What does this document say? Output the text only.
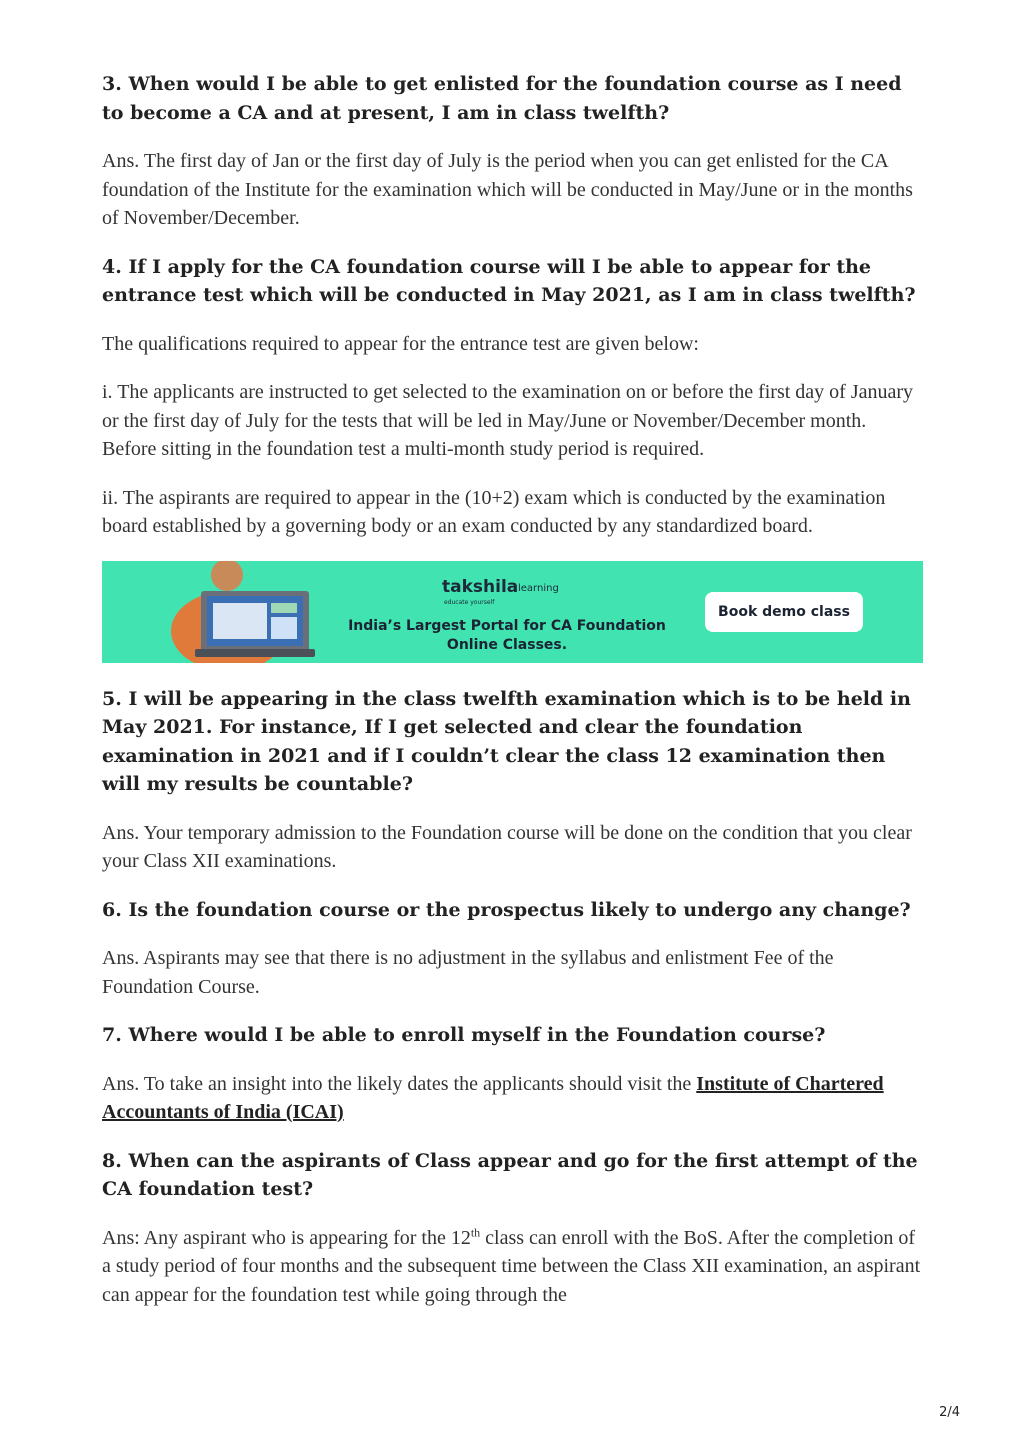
3. When would I be able to get enlisted for the foundation course as I need to become a CA and at present, I am in class twelfth?

Ans. The first day of Jan or the first day of July is the period when you can get enlisted for the CA foundation of the Institute for the examination which will be conducted in May/June or in the months of November/December.

4. If I apply for the CA foundation course will I be able to appear for the entrance test which will be conducted in May 2021, as I am in class twelfth?

The qualifications required to appear for the entrance test are given below:

i. The applicants are instructed to get selected to the examination on or before the first day of January or the first day of July for the tests that will be led in May/June or November/December month. Before sitting in the foundation test a multi-month study period is required.

ii. The aspirants are required to appear in the (10+2) exam which is conducted by the examination board established by a governing body or an exam conducted by any standardized board.

takshila learning
educate yourself
India’s Largest Portal for CA Foundation Online Classes.
Book demo class
5. I will be appearing in the class twelfth examination which is to be held in May 2021. For instance, If I get selected and clear the foundation examination in 2021 and if I couldn’t clear the class 12 examination then will my results be countable?

Ans. Your temporary admission to the Foundation course will be done on the condition that you clear your Class XII examinations.

6. Is the foundation course or the prospectus likely to undergo any change?

Ans. Aspirants may see that there is no adjustment in the syllabus and enlistment Fee of the Foundation Course.

7. Where would I be able to enroll myself in the Foundation course?

Ans. To take an insight into the likely dates the applicants should visit the Institute of Chartered Accountants of India (ICAI)

8. When can the aspirants of Class appear and go for the first attempt of the CA foundation test?

Ans: Any aspirant who is appearing for the 12th class can enroll with the BoS. After the completion of a study period of four months and the subsequent time between the Class XII examination, an aspirant can appear for the foundation test while going through the

2/4
